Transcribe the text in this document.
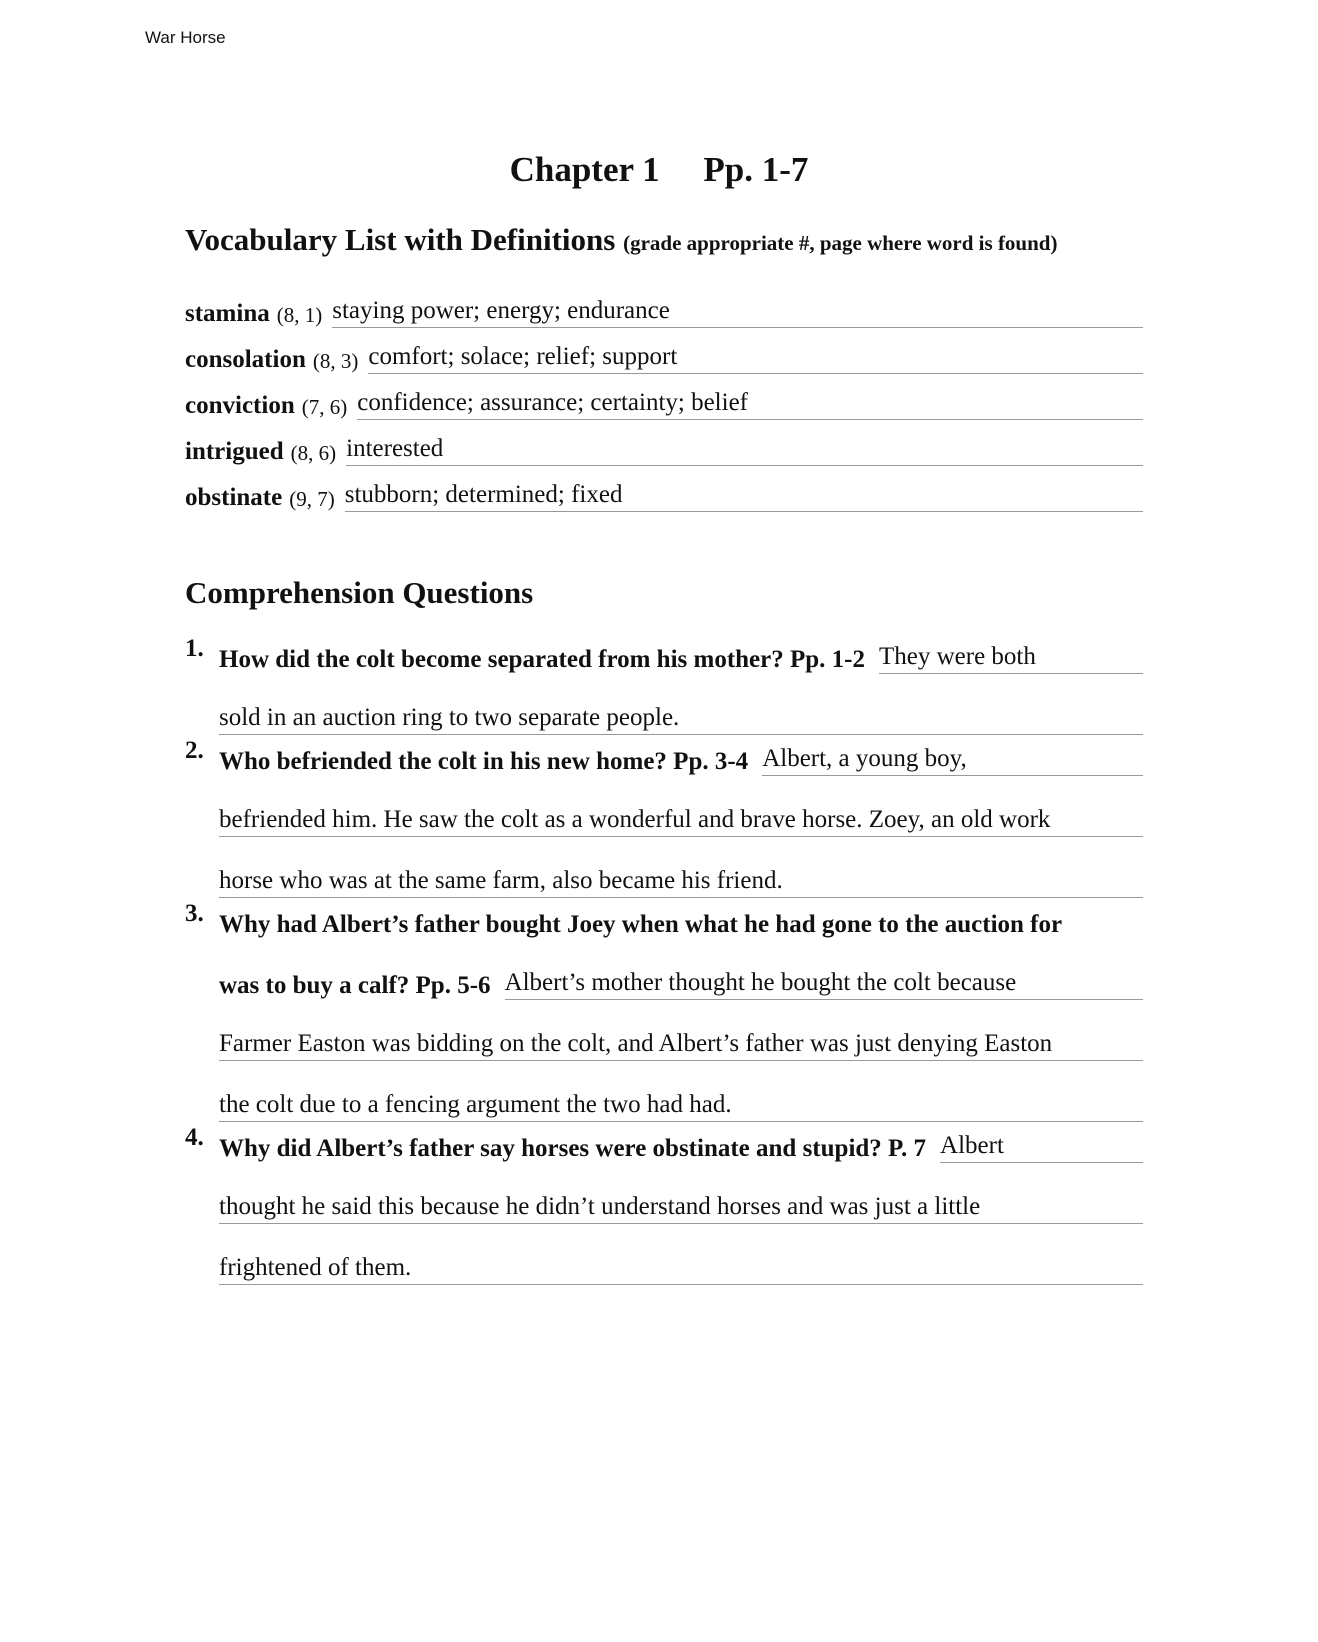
War Horse
Chapter 1     Pp. 1-7
Vocabulary List with Definitions (grade appropriate #, page where word is found)
stamina (8, 1) staying power; energy; endurance
consolation (8, 3) comfort; solace; relief; support
conviction (7, 6) confidence; assurance; certainty; belief
intrigued (8, 6) interested
obstinate (9, 7) stubborn; determined; fixed
Comprehension Questions
1. How did the colt become separated from his mother? Pp. 1-2 They were both
sold in an auction ring to two separate people.
2. Who befriended the colt in his new home? Pp. 3-4 Albert, a young boy,
befriended him. He saw the colt as a wonderful and brave horse. Zoey, an old work
horse who was at the same farm, also became his friend.
3. Why had Albert’s father bought Joey when what he had gone to the auction for
was to buy a calf? Pp. 5-6 Albert’s mother thought he bought the colt because
Farmer Easton was bidding on the colt, and Albert’s father was just denying Easton
the colt due to a fencing argument the two had had.
4. Why did Albert’s father say horses were obstinate and stupid? P. 7 Albert
thought he said this because he didn’t understand horses and was just a little
frightened of them.
